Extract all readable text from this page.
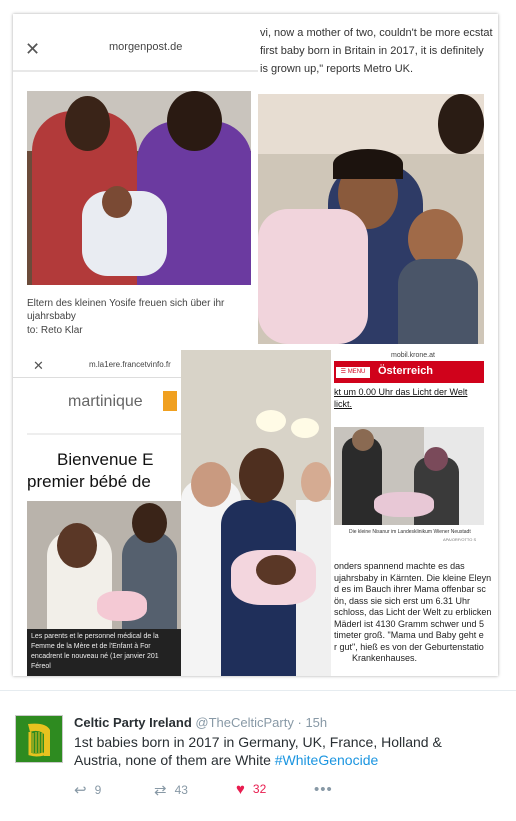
✕	morgenpost.de
Eltern des kleinen Yosife freuen sich über ihr
ujahrsbaby
to: Reto Klar
vi, now a mother of two, couldn't be more ecstat
first baby born in Britain in 2017, it is definitely
is grown up," reports Metro UK.
✕	m.la1ere.francetvinfo.fr
martinique
Bienvenue E
premier bébé de
Les parents et le personnel médical de la
Femme de la Mère et de l'Enfant à For
encadrent le nouveau né (1er janvier 201
Féreol
mobil.krone.at
☰ MENU	Österreich
kt um 0.00 Uhr das Licht der Welt
lickt.
Die kleine Nisanur im Landesklinikum Wiener Neustadt
APA/ORF/OTTO S
onders spannend machte es das
ujahrsbaby in Kärnten. Die kleine Eleyn
d es im Bauch ihrer Mama offenbar sc
ön, dass sie sich erst um 6.31 Uhr
schloss, das Licht der Welt zu erblicken
Mäderl ist 4130 Gramm schwer und 5
timeter groß. "Mama und Baby geht e
r gut", hieß es von der Geburtenstatio
Krankenhauses.
Celtic Party Ireland @TheCelticParty · 15h
1st babies born in 2017 in Germany, UK, France, Holland & Austria, none of them are White #WhiteGenocide
↩ 9	⇄ 43	♥ 32	•••
